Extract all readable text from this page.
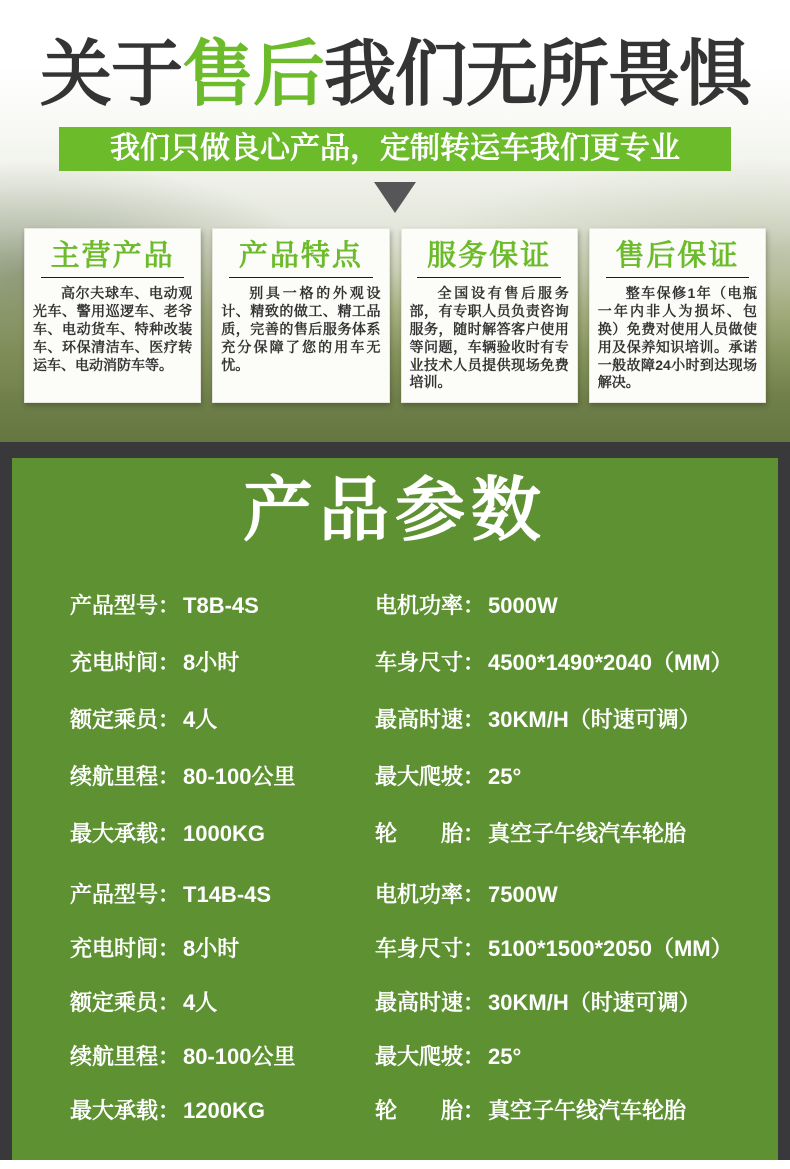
关于售后我们无所畏惧
我们只做良心产品，定制转运车我们更专业
主营产品

高尔夫球车、电动观光车、警用巡逻车、老爷车、电动货车、特种改装车、环保清洁车、医疗转运车、电动消防车等。

产品特点

别具一格的外观设计、精致的做工、精工品质，完善的售后服务体系充分保障了您的用车无忧。

服务保证

全国设有售后服务部，有专职人员负责咨询服务，随时解答客户使用等问题，车辆验收时有专业技术人员提供现场免费培训。

售后保证

整车保修1年（电瓶一年内非人为损坏、包换）免费对使用人员做使用及保养知识培训。承诺一般故障24小时到达现场解决。

产品参数
产品型号： T8B-4S	电机功率： 5000W
充电时间： 8小时	车身尺寸： 4500*1490*2040（MM）
额定乘员： 4人	最高时速： 30KM/H（时速可调）
续航里程： 80-100公里	最大爬坡： 25°
最大承载： 1000KG	轮　　胎： 真空子午线汽车轮胎
产品型号： T14B-4S	电机功率： 7500W
充电时间： 8小时	车身尺寸： 5100*1500*2050（MM）
额定乘员： 4人	最高时速： 30KM/H（时速可调）
续航里程： 80-100公里	最大爬坡： 25°
最大承载： 1200KG	轮　　胎： 真空子午线汽车轮胎
